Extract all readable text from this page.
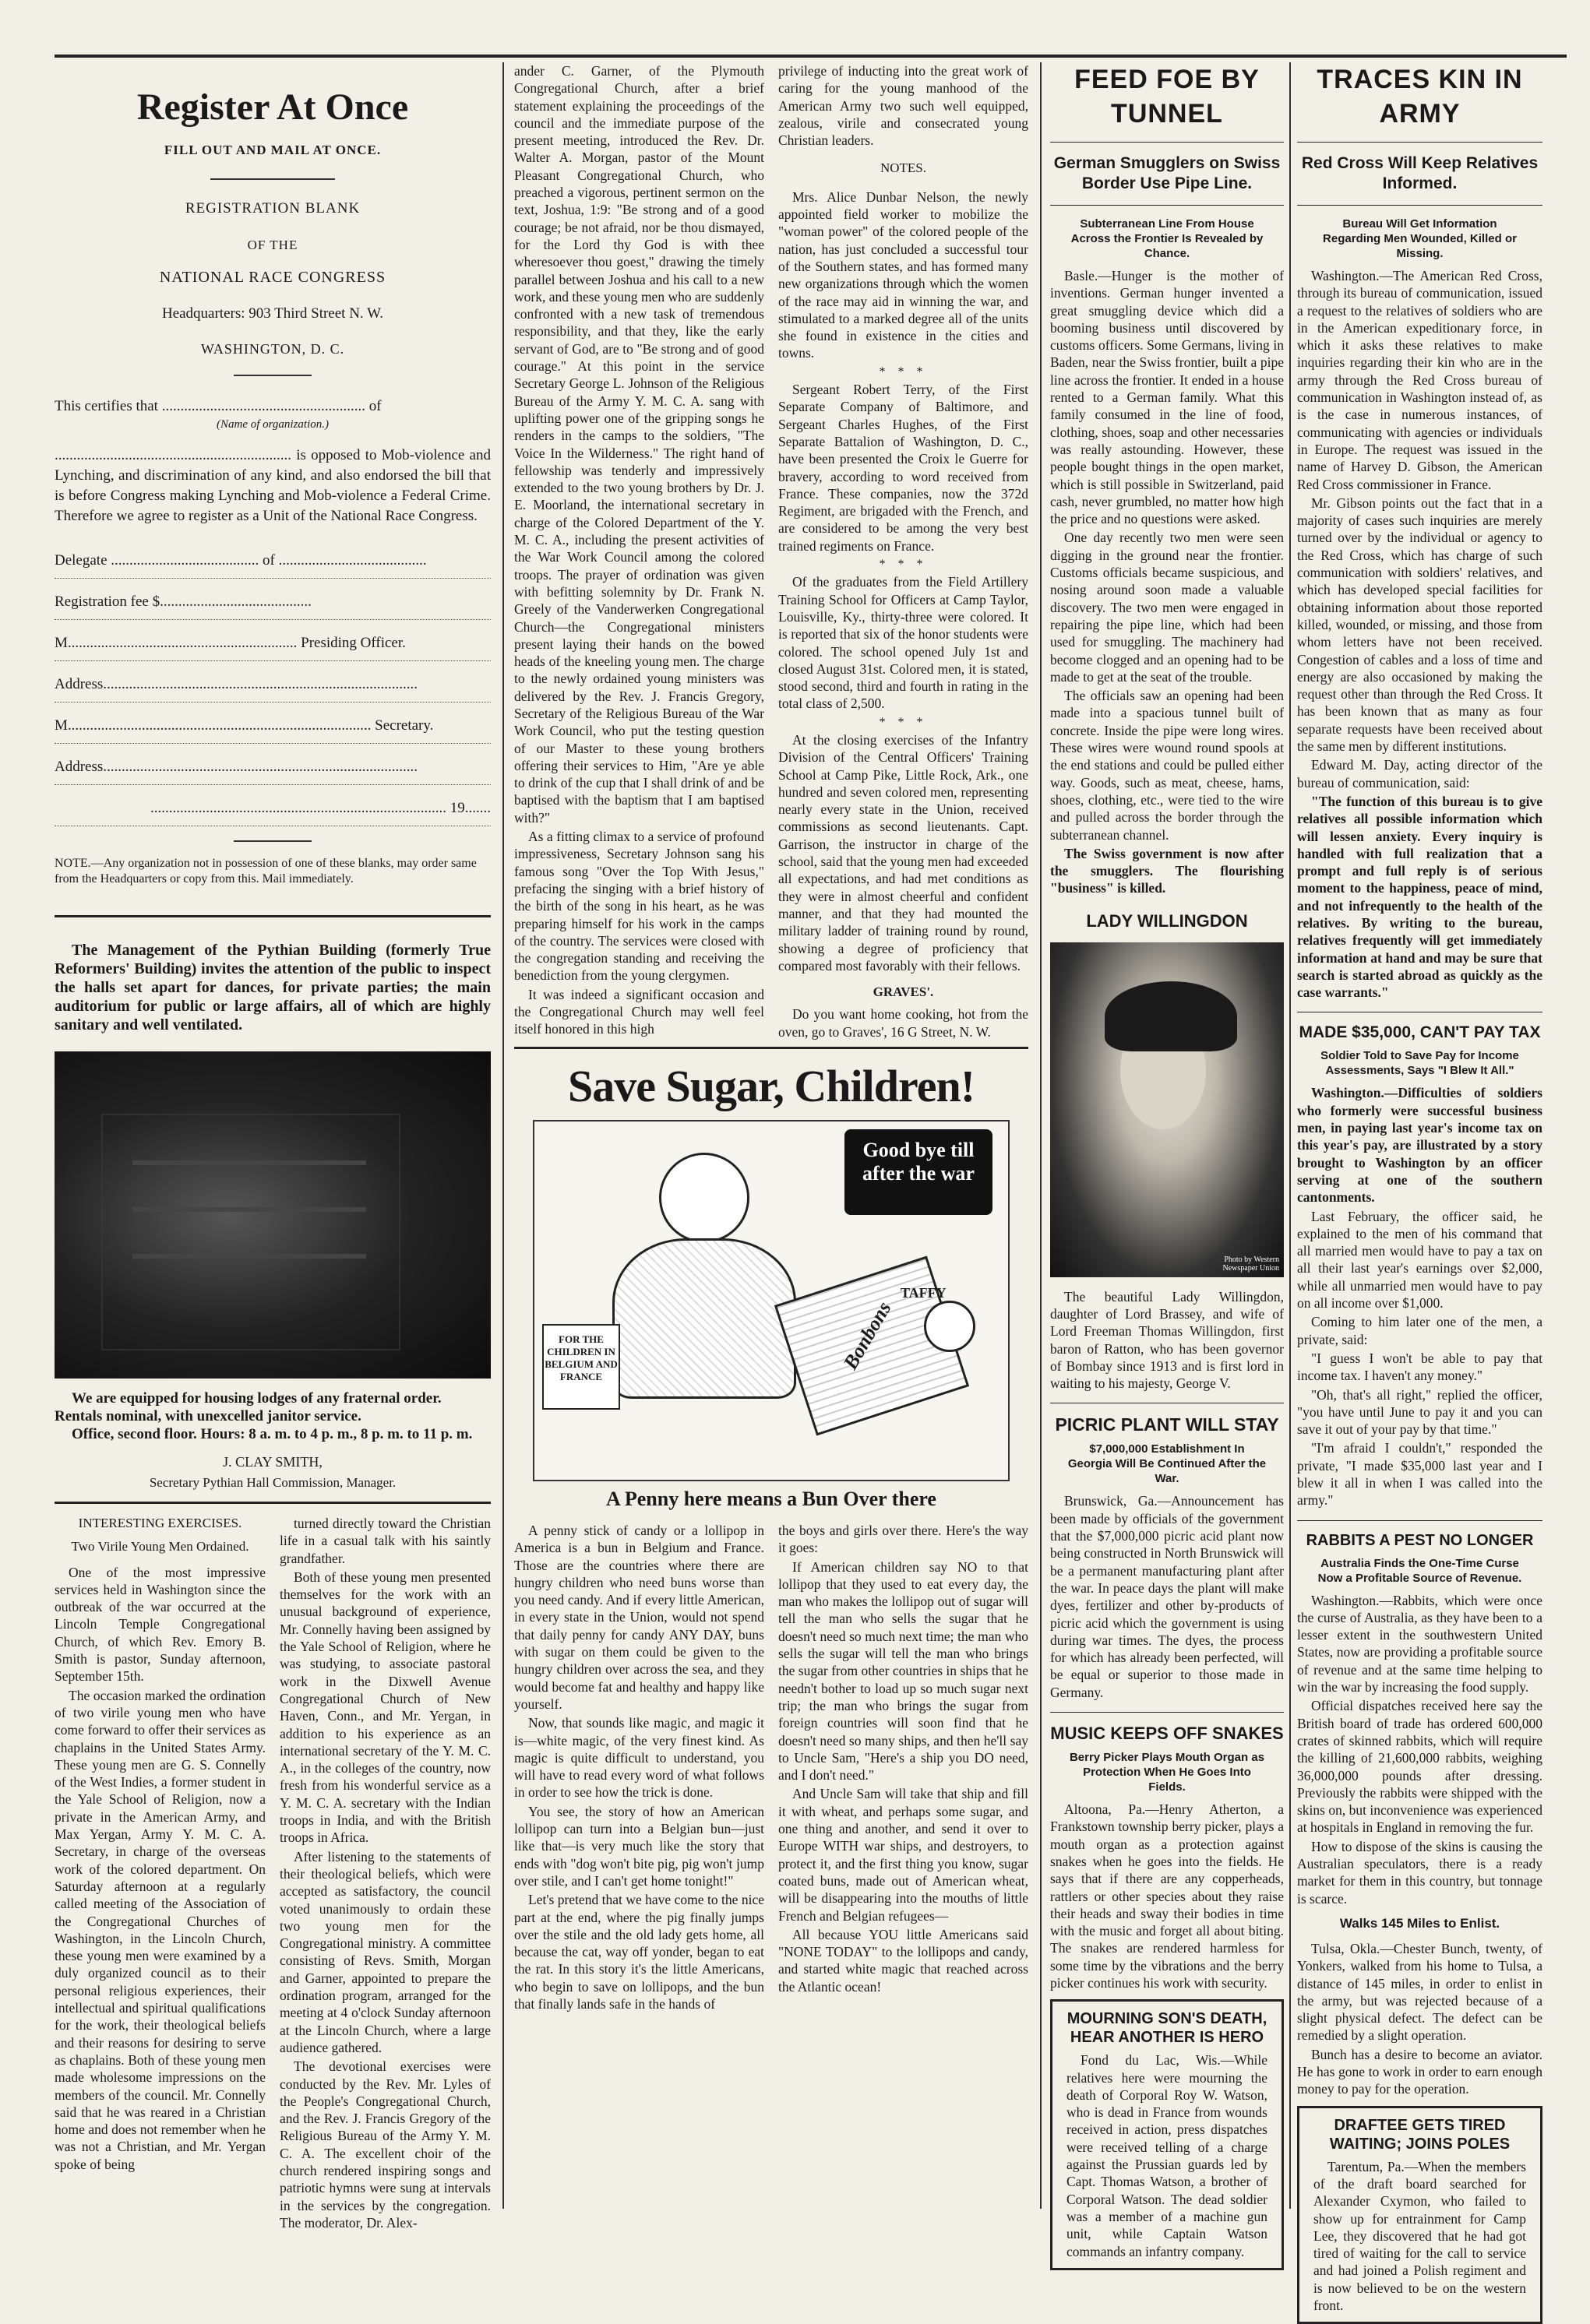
Register At Once
FILL OUT AND MAIL AT ONCE.
REGISTRATION BLANK
OF THE
NATIONAL RACE CONGRESS
Headquarters: 903 Third Street N. W.
WASHINGTON, D. C.
This certifies that ....................................................... of
(Name of organization.)
................................................................ is opposed to Mob-violence and Lynching, and discrimination of any kind, and also endorsed the bill that is before Congress making Lynching and Mob-violence a Federal Crime. Therefore we agree to register as a Unit of the National Race Congress.
Delegate ........................................ of ........................................
Registration fee $.........................................
M.............................................................. Presiding Officer.
Address.....................................................................................
M.................................................................................. Secretary.
Address.....................................................................................
................................................................................ 19.......
NOTE.—Any organization not in possession of one of these blanks, may order same from the Headquarters or copy from this. Mail immediately.
The Management of the Pythian Building (formerly True Reformers' Building) invites the attention of the public to inspect the halls set apart for dances, for private parties; the main auditorium for public or large affairs, all of which are highly sanitary and well ventilated.
We are equipped for housing lodges of any fraternal order. Rentals nominal, with unexcelled janitor service.
Office, second floor. Hours: 8 a. m. to 4 p. m., 8 p. m. to 11 p. m.
J. CLAY SMITH,
Secretary Pythian Hall Commission, Manager.
INTERESTING EXERCISES.
Two Virile Young Men Ordained.

One of the most impressive services held in Washington since the outbreak of the war occurred at the Lincoln Temple Congregational Church, of which Rev. Emory B. Smith is pastor, Sunday afternoon, September 15th.

The occasion marked the ordination of two virile young men who have come forward to offer their services as chaplains in the United States Army. These young men are G. S. Connelly of the West Indies, a former student in the Yale School of Religion, now a private in the American Army, and Max Yergan, Army Y. M. C. A. Secretary, in charge of the overseas work of the colored department. On Saturday afternoon at a regularly called meeting of the Association of the Congregational Churches of Washington, in the Lincoln Church, these young men were examined by a duly organized council as to their personal religious experiences, their intellectual and spiritual qualifications for the work, their theological beliefs and their reasons for desiring to serve as chaplains. Both of these young men made wholesome impressions on the members of the council. Mr. Connelly said that he was reared in a Christian home and does not remember when he was not a Christian, and Mr. Yergan spoke of being

turned directly toward the Christian life in a casual talk with his saintly grandfather.

Both of these young men presented themselves for the work with an unusual background of experience, Mr. Connelly having been assigned by the Yale School of Religion, where he was studying, to associate pastoral work in the Dixwell Avenue Congregational Church of New Haven, Conn., and Mr. Yergan, in addition to his experience as an international secretary of the Y. M. C. A., in the colleges of the country, now fresh from his wonderful service as a Y. M. C. A. secretary with the Indian troops in India, and with the British troops in Africa.

After listening to the statements of their theological beliefs, which were accepted as satisfactory, the council voted unanimously to ordain these two young men for the Congregational ministry. A committee consisting of Revs. Smith, Morgan and Garner, appointed to prepare the ordination program, arranged for the meeting at 4 o'clock Sunday afternoon at the Lincoln Church, where a large audience gathered.

The devotional exercises were conducted by the Rev. Mr. Lyles of the People's Congregational Church, and the Rev. J. Francis Gregory of the Religious Bureau of the Army Y. M. C. A. The excellent choir of the church rendered inspiring songs and patriotic hymns were sung at intervals in the services by the congregation. The moderator, Dr. Alex-

ander C. Garner, of the Plymouth Congregational Church, after a brief statement explaining the proceedings of the council and the immediate purpose of the present meeting, introduced the Rev. Dr. Walter A. Morgan, pastor of the Mount Pleasant Congregational Church, who preached a vigorous, pertinent sermon on the text, Joshua, 1:9: "Be strong and of a good courage; be not afraid, nor be thou dismayed, for the Lord thy God is with thee wheresoever thou goest," drawing the timely parallel between Joshua and his call to a new work, and these young men who are suddenly confronted with a new task of tremendous responsibility, and that they, like the early servant of God, are to "Be strong and of good courage." At this point in the service Secretary George L. Johnson of the Religious Bureau of the Army Y. M. C. A. sang with uplifting power one of the gripping songs he renders in the camps to the soldiers, "The Voice In the Wilderness." The right hand of fellowship was tenderly and impressively extended to the two young brothers by Dr. J. E. Moorland, the international secretary in charge of the Colored Department of the Y. M. C. A., including the present activities of the War Work Council among the colored troops. The prayer of ordination was given with befitting solemnity by Dr. Frank N. Greely of the Vanderwerken Congregational Church—the Congregational ministers present laying their hands on the bowed heads of the kneeling young men. The charge to the newly ordained young ministers was delivered by the Rev. J. Francis Gregory, Secretary of the Religious Bureau of the War Work Council, who put the testing question of our Master to these young brothers offering their services to Him, "Are ye able to drink of the cup that I shall drink of and be baptised with the baptism that I am baptised with?"

As a fitting climax to a service of profound impressiveness, Secretary Johnson sang his famous song "Over the Top With Jesus," prefacing the singing with a brief history of the birth of the song in his heart, as he was preparing himself for his work in the camps of the country. The services were closed with the congregation standing and receiving the benediction from the young clergymen.

It was indeed a significant occasion and the Congregational Church may well feel itself honored in this high

privilege of inducting into the great work of caring for the young manhood of the American Army two such well equipped, zealous, virile and consecrated young Christian leaders.

NOTES.

Mrs. Alice Dunbar Nelson, the newly appointed field worker to mobilize the "woman power" of the colored people of the nation, has just concluded a successful tour of the Southern states, and has formed many new organizations through which the women of the race may aid in winning the war, and stimulated to a marked degree all of the units she found in existence in the cities and towns.

* * *

Sergeant Robert Terry, of the First Separate Company of Baltimore, and Sergeant Charles Hughes, of the First Separate Battalion of Washington, D. C., have been presented the Croix le Guerre for bravery, according to word received from France. These companies, now the 372d Regiment, are brigaded with the French, and are considered to be among the very best trained regiments on France.

* * *

Of the graduates from the Field Artillery Training School for Officers at Camp Taylor, Louisville, Ky., thirty-three were colored. It is reported that six of the honor students were colored. The school opened July 1st and closed August 31st. Colored men, it is stated, stood second, third and fourth in rating in the total class of 2,500.

* * *

At the closing exercises of the Infantry Division of the Central Officers' Training School at Camp Pike, Little Rock, Ark., one hundred and seven colored men, representing nearly every state in the Union, received commissions as second lieutenants. Capt. Garrison, the instructor in charge of the school, said that the young men had exceeded all expectations, and had met conditions as they were in almost cheerful and confident manner, and that they had mounted the military ladder of training round by round, showing a degree of proficiency that compared most favorably with their fellows.

GRAVES'.

Do you want home cooking, hot from the oven, go to Graves', 16 G Street, N. W.

Save Sugar, Children!
Good bye till after the war
FOR THE CHILDREN IN BELGIUM AND FRANCE
Bonbons
TAFFY
A Penny here means a Bun Over there

A penny stick of candy or a lollipop in America is a bun in Belgium and France. Those are the countries where there are hungry children who need buns worse than you need candy. And if every little American, in every state in the Union, would not spend that daily penny for candy ANY DAY, buns with sugar on them could be given to the hungry children over across the sea, and they would become fat and healthy and happy like yourself.

Now, that sounds like magic, and magic it is—white magic, of the very finest kind. As magic is quite difficult to understand, you will have to read every word of what follows in order to see how the trick is done.

You see, the story of how an American lollipop can turn into a Belgian bun—just like that—is very much like the story that ends with "dog won't bite pig, pig won't jump over stile, and I can't get home tonight!"

Let's pretend that we have come to the nice part at the end, where the pig finally jumps over the stile and the old lady gets home, all because the cat, way off yonder, began to eat the rat. In this story it's the little Americans, who begin to save on lollipops, and the bun that finally lands safe in the hands of

the boys and girls over there. Here's the way it goes:

If American children say NO to that lollipop that they used to eat every day, the man who makes the lollipop out of sugar will tell the man who sells the sugar that he doesn't need so much next time; the man who sells the sugar will tell the man who brings the sugar from other countries in ships that he needn't bother to load up so much sugar next trip; the man who brings the sugar from foreign countries will soon find that he doesn't need so many ships, and then he'll say to Uncle Sam, "Here's a ship you DO need, and I don't need."

And Uncle Sam will take that ship and fill it with wheat, and perhaps some sugar, and one thing and another, and send it over to Europe WITH war ships, and destroyers, to protect it, and the first thing you know, sugar coated buns, made out of American wheat, will be disappearing into the mouths of little French and Belgian refugees—

All because YOU little Americans said "NONE TODAY" to the lollipops and candy, and started white magic that reached across the Atlantic ocean!

FEED FOE BY TUNNEL
German Smugglers on Swiss Border Use Pipe Line.
Subterranean Line From House Across the Frontier Is Revealed by Chance.

Basle.—Hunger is the mother of inventions. German hunger invented a great smuggling device which did a booming business until discovered by customs officers. Some Germans, living in Baden, near the Swiss frontier, built a pipe line across the frontier. It ended in a house rented to a German family. What this family consumed in the line of food, clothing, shoes, soap and other necessaries was really astounding. However, these people bought things in the open market, which is still possible in Switzerland, paid cash, never grumbled, no matter how high the price and no questions were asked.

One day recently two men were seen digging in the ground near the frontier. Customs officials became suspicious, and nosing around soon made a valuable discovery. The two men were engaged in repairing the pipe line, which had been used for smuggling. The machinery had become clogged and an opening had to be made to get at the seat of the trouble.

The officials saw an opening had been made into a spacious tunnel built of concrete. Inside the pipe were long wires. These wires were wound round spools at the end stations and could be pulled either way. Goods, such as meat, cheese, hams, shoes, clothing, etc., were tied to the wire and pulled across the border through the subterranean channel.

The Swiss government is now after the smugglers. The flourishing "business" is killed.

LADY WILLINGDON
Photo by Western Newspaper Union

The beautiful Lady Willingdon, daughter of Lord Brassey, and wife of Lord Freeman Thomas Willingdon, first baron of Ratton, who has been governor of Bombay since 1913 and is first lord in waiting to his majesty, George V.

PICRIC PLANT WILL STAY
$7,000,000 Establishment In Georgia Will Be Continued After the War.

Brunswick, Ga.—Announcement has been made by officials of the government that the $7,000,000 picric acid plant now being constructed in North Brunswick will be a permanent manufacturing plant after the war. In peace days the plant will make dyes, fertilizer and other by-products of picric acid which the government is using during war times. The dyes, the process for which has already been perfected, will be equal or superior to those made in Germany.

MUSIC KEEPS OFF SNAKES
Berry Picker Plays Mouth Organ as Protection When He Goes Into Fields.

Altoona, Pa.—Henry Atherton, a Frankstown township berry picker, plays a mouth organ as a protection against snakes when he goes into the fields. He says that if there are any copperheads, rattlers or other species about they raise their heads and sway their bodies in time with the music and forget all about biting. The snakes are rendered harmless for some time by the vibrations and the berry picker continues his work with security.

MOURNING SON'S DEATH, HEAR ANOTHER IS HERO

Fond du Lac, Wis.—While relatives here were mourning the death of Corporal Roy W. Watson, who is dead in France from wounds received in action, press dispatches were received telling of a charge against the Prussian guards led by Capt. Thomas Watson, a brother of Corporal Watson. The dead soldier was a member of a machine gun unit, while Captain Watson commands an infantry company.

TRACES KIN IN ARMY
Red Cross Will Keep Relatives Informed.
Bureau Will Get Information Regarding Men Wounded, Killed or Missing.

Washington.—The American Red Cross, through its bureau of communication, issued a request to the relatives of soldiers who are in the American expeditionary force, in which it asks these relatives to make inquiries regarding their kin who are in the army through the Red Cross bureau of communication in Washington instead of, as is the case in numerous instances, of communicating with agencies or individuals in Europe. The request was issued in the name of Harvey D. Gibson, the American Red Cross commissioner in France.

Mr. Gibson points out the fact that in a majority of cases such inquiries are merely turned over by the individual or agency to the Red Cross, which has charge of such communication with soldiers' relatives, and which has developed special facilities for obtaining information about those reported killed, wounded, or missing, and those from whom letters have not been received. Congestion of cables and a loss of time and energy are also occasioned by making the request other than through the Red Cross. It has been known that as many as four separate requests have been received about the same men by different institutions.

Edward M. Day, acting director of the bureau of communication, said:

"The function of this bureau is to give relatives all possible information which will lessen anxiety. Every inquiry is handled with full realization that a prompt and full reply is of serious moment to the happiness, peace of mind, and not infrequently to the health of the relatives. By writing to the bureau, relatives frequently will get immediately information at hand and may be sure that search is started abroad as quickly as the case warrants."

MADE $35,000, CAN'T PAY TAX
Soldier Told to Save Pay for Income Assessments, Says "I Blew It All."

Washington.—Difficulties of soldiers who formerly were successful business men, in paying last year's income tax on this year's pay, are illustrated by a story brought to Washington by an officer serving at one of the southern cantonments.

Last February, the officer said, he explained to the men of his command that all married men would have to pay a tax on all their last year's earnings over $2,000, while all unmarried men would have to pay on all income over $1,000.

Coming to him later one of the men, a private, said:

"I guess I won't be able to pay that income tax. I haven't any money."

"Oh, that's all right," replied the officer, "you have until June to pay it and you can save it out of your pay by that time."

"I'm afraid I couldn't," responded the private, "I made $35,000 last year and I blew it all in when I was called into the army."

RABBITS A PEST NO LONGER
Australia Finds the One-Time Curse Now a Profitable Source of Revenue.

Washington.—Rabbits, which were once the curse of Australia, as they have been to a lesser extent in the southwestern United States, now are providing a profitable source of revenue and at the same time helping to win the war by increasing the food supply.

Official dispatches received here say the British board of trade has ordered 600,000 crates of skinned rabbits, which will require the killing of 21,600,000 rabbits, weighing 36,000,000 pounds after dressing. Previously the rabbits were shipped with the skins on, but inconvenience was experienced at hospitals in England in removing the fur.

How to dispose of the skins is causing the Australian speculators, there is a ready market for them in this country, but tonnage is scarce.

Walks 145 Miles to Enlist.

Tulsa, Okla.—Chester Bunch, twenty, of Yonkers, walked from his home to Tulsa, a distance of 145 miles, in order to enlist in the army, but was rejected because of a slight physical defect. The defect can be remedied by a slight operation.

Bunch has a desire to become an aviator. He has gone to work in order to earn enough money to pay for the operation.

DRAFTEE GETS TIRED WAITING; JOINS POLES

Tarentum, Pa.—When the members of the draft board searched for Alexander Cxymon, who failed to show up for entrainment for Camp Lee, they discovered that he had got tired of waiting for the call to service and had joined a Polish regiment and is now believed to be on the western front.
